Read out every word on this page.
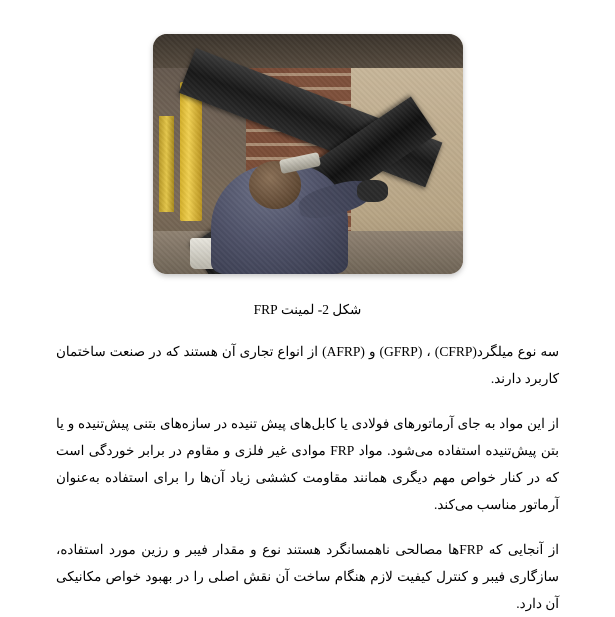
شکل 2- لمینت FRP

سه نوع میلگرد(CFRP) ، (GFRP) و (AFRP) از انواع تجاری آن هستند که در صنعت ساختمان کاربرد دارند.

از این مواد به جای آرماتورهای فولادی یا کابل‌های پیش تنیده در سازه‌های بتنی پیش‌تنیده و یا بتن پیش‌تنیده استفاده می‌شود. مواد FRP موادی غیر فلزی و مقاوم در برابر خوردگی است که در کنار خواص مهم دیگری همانند مقاومت کششی زیاد آن‌ها را برای استفاده به‌عنوان آرماتور مناسب می‌کند.

از آنجایی که FRPها مصالحی ناهمسانگرد هستند نوع و مقدار فیبر و رزین مورد استفاده، سازگاری فیبر و کنترل کیفیت لازم هنگام ساخت آن نقش اصلی را در بهبود خواص مکانیکی آن دارد.
